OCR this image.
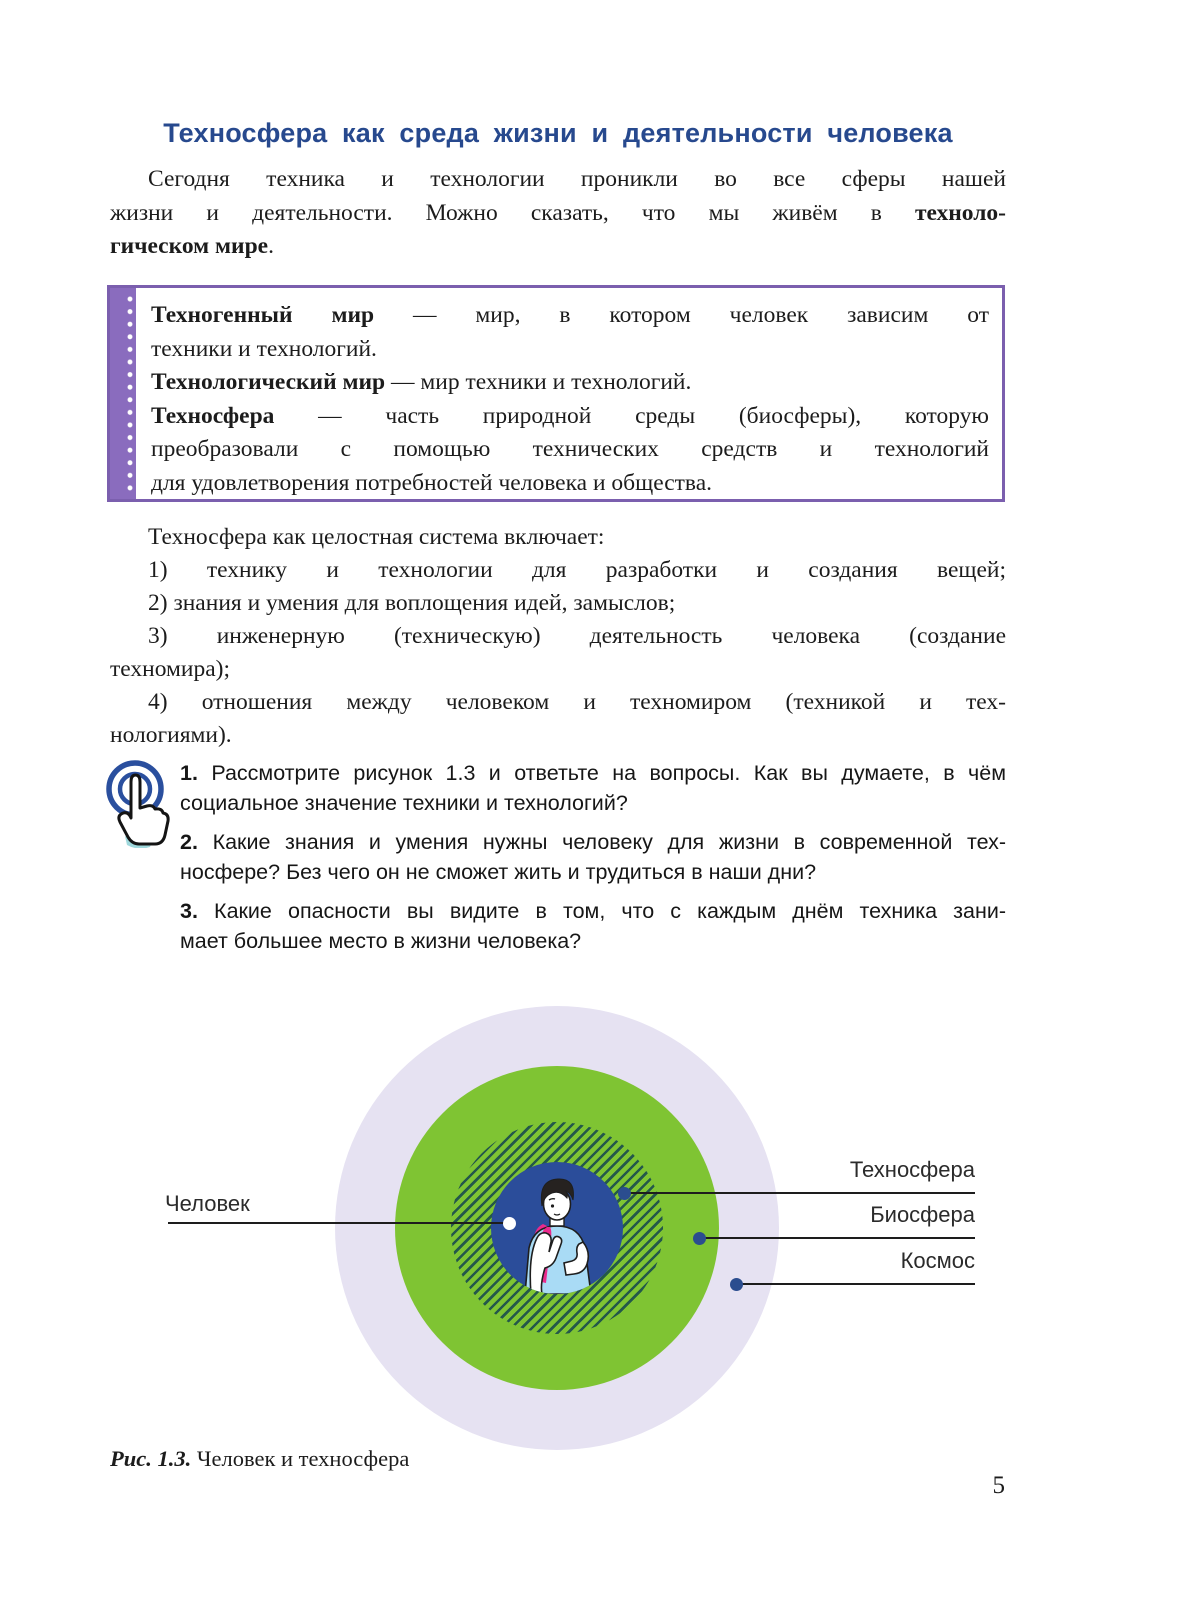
Техносфера как среда жизни и деятельности человека
Сегодня техника и технологии проникли во все сферы нашей
жизни и деятельности. Можно сказать, что мы живём в техноло-
гическом мире.
Техногенный мир — мир, в котором человек зависим от
техники и технологий.
Технологический мир — мир техники и технологий.
Техносфера — часть природной среды (биосферы), которую
преобразовали с помощью технических средств и технологий
для удовлетворения потребностей человека и общества.
Техносфера как целостная система включает:
1) технику и технологии для разработки и создания вещей;
2) знания и умения для воплощения идей, замыслов;
3) инженерную (техническую) деятельность человека (создание
техномира);
4) отношения между человеком и техномиром (техникой и тех-
нологиями).
1. Рассмотрите рисунок 1.3 и ответьте на вопросы. Как вы думаете, в чём
социальное значение техники и технологий?
2. Какие знания и умения нужны человеку для жизни в современной тех-
носфере? Без чего он не сможет жить и трудиться в наши дни?
3. Какие опасности вы видите в том, что с каждым днём техника зани-
мает большее место в жизни человека?
Человек
Техносфера
Биосфера
Космос
Рис. 1.3. Человек и техносфера
5
